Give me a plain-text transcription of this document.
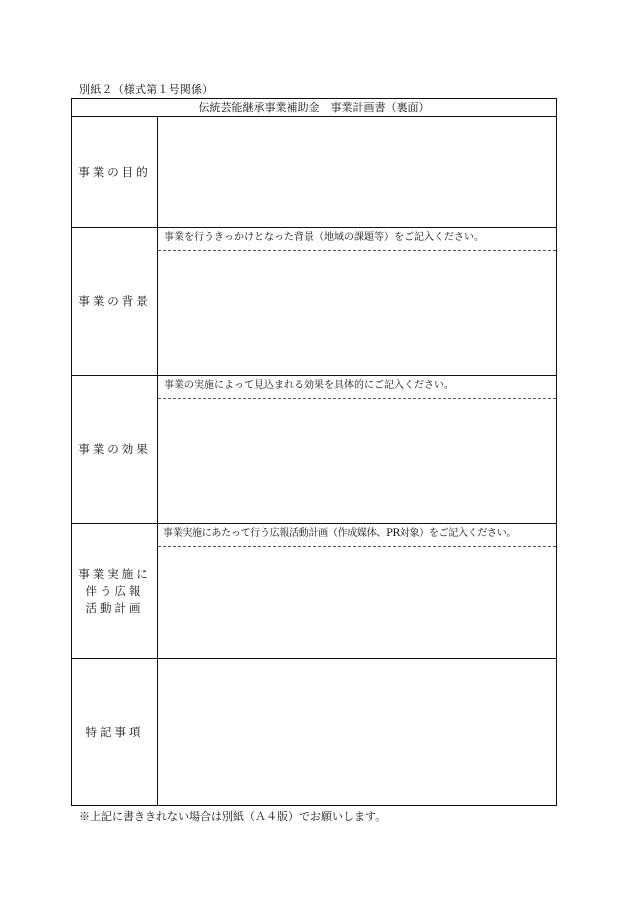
別紙２（様式第１号関係）
伝統芸能継承事業補助金　事業計画書（裏面）
事業の目的
事業の背景
事業を行うきっかけとなった背景（地域の課題等）をご記入ください。
事業の効果
事業の実施によって見込まれる効果を具体的にご記入ください。
事業実施に
伴う広報
活動計画
事業実施にあたって行う広報活動計画（作成媒体、PR対象）をご記入ください。
特記事項
※上記に書ききれない場合は別紙（Ａ４版）でお願いします。
